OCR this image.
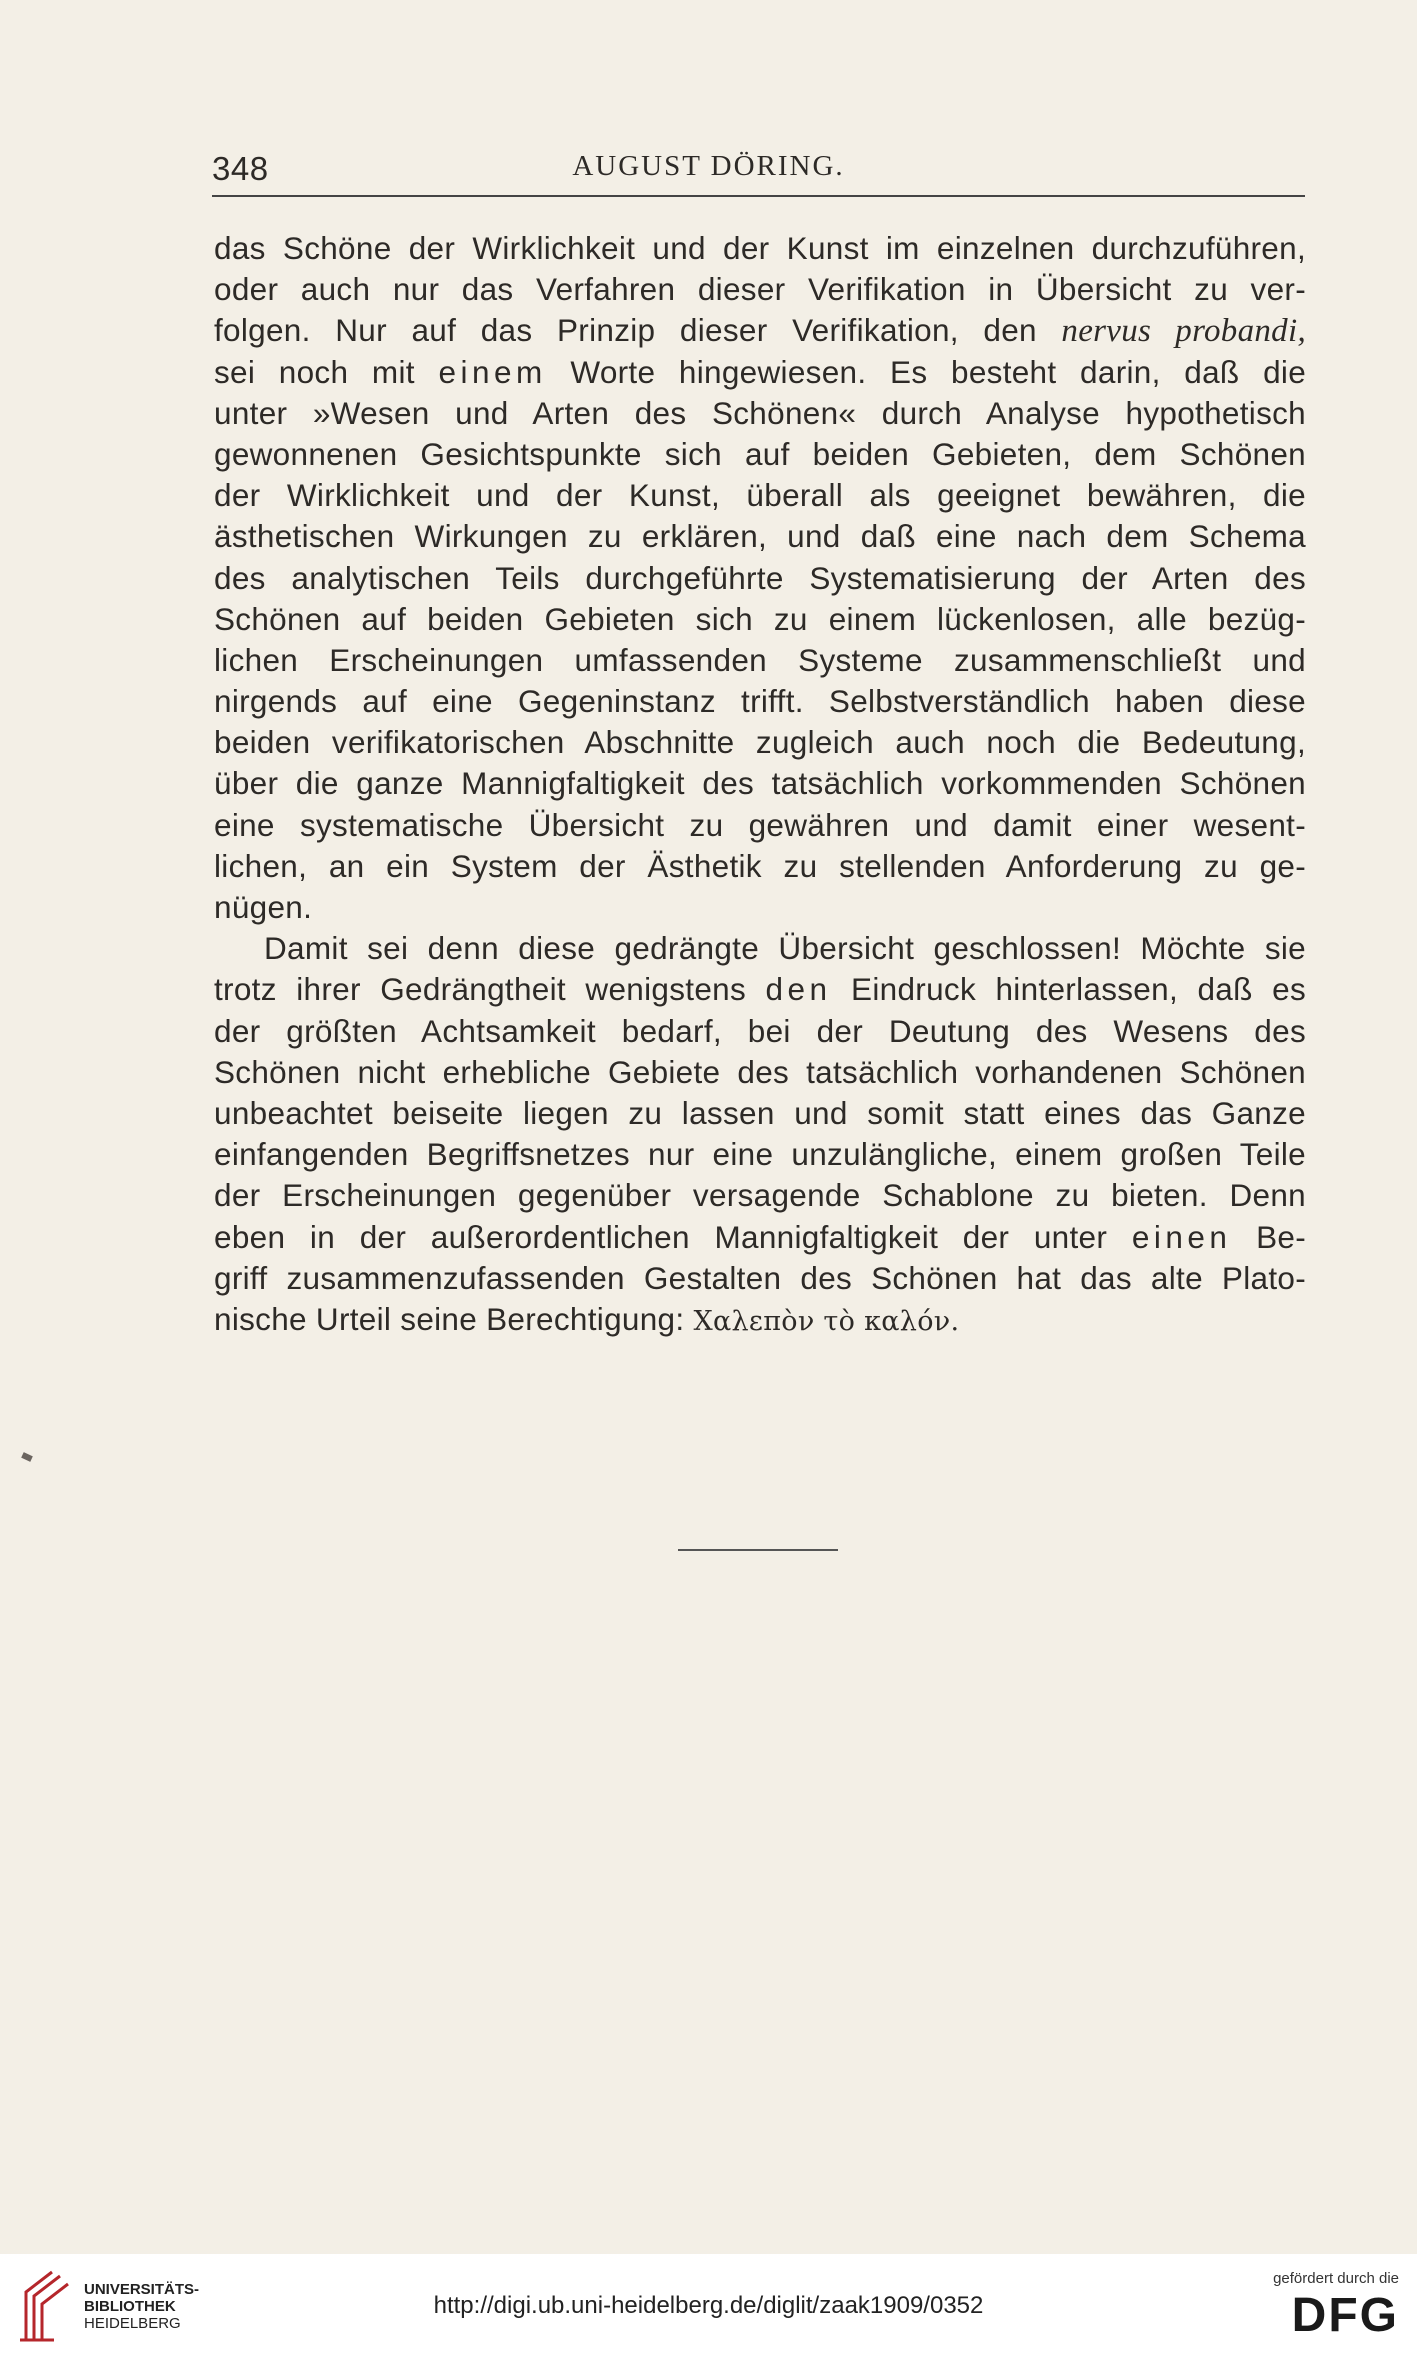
348	AUGUST DÖRING.
das Schöne der Wirklichkeit und der Kunst im einzelnen durchzuführen,
oder auch nur das Verfahren dieser Verifikation in Übersicht zu ver-
folgen. Nur auf das Prinzip dieser Verifikation, den nervus probandi,
sei noch mit einem Worte hingewiesen. Es besteht darin, daß die
unter »Wesen und Arten des Schönen« durch Analyse hypothetisch
gewonnenen Gesichtspunkte sich auf beiden Gebieten, dem Schönen
der Wirklichkeit und der Kunst, überall als geeignet bewähren, die
ästhetischen Wirkungen zu erklären, und daß eine nach dem Schema
des analytischen Teils durchgeführte Systematisierung der Arten des
Schönen auf beiden Gebieten sich zu einem lückenlosen, alle bezüg-
lichen Erscheinungen umfassenden Systeme zusammenschließt und
nirgends auf eine Gegeninstanz trifft. Selbstverständlich haben diese
beiden verifikatorischen Abschnitte zugleich auch noch die Bedeutung,
über die ganze Mannigfaltigkeit des tatsächlich vorkommenden Schönen
eine systematische Übersicht zu gewähren und damit einer wesent-
lichen, an ein System der Ästhetik zu stellenden Anforderung zu ge-
nügen.
Damit sei denn diese gedrängte Übersicht geschlossen! Möchte sie
trotz ihrer Gedrängtheit wenigstens den Eindruck hinterlassen, daß es
der größten Achtsamkeit bedarf, bei der Deutung des Wesens des
Schönen nicht erhebliche Gebiete des tatsächlich vorhandenen Schönen
unbeachtet beiseite liegen zu lassen und somit statt eines das Ganze
einfangenden Begriffsnetzes nur eine unzulängliche, einem großen Teile
der Erscheinungen gegenüber versagende Schablone zu bieten. Denn
eben in der außerordentlichen Mannigfaltigkeit der unter einen Be-
griff zusammenzufassenden Gestalten des Schönen hat das alte Plato-
nische Urteil seine Berechtigung: Χαλεπὸν τὸ καλόν.
UNIVERSITÄTS-
BIBLIOTHEK
HEIDELBERG
http://digi.ub.uni-heidelberg.de/diglit/zaak1909/0352
gefördert durch die
DFG
